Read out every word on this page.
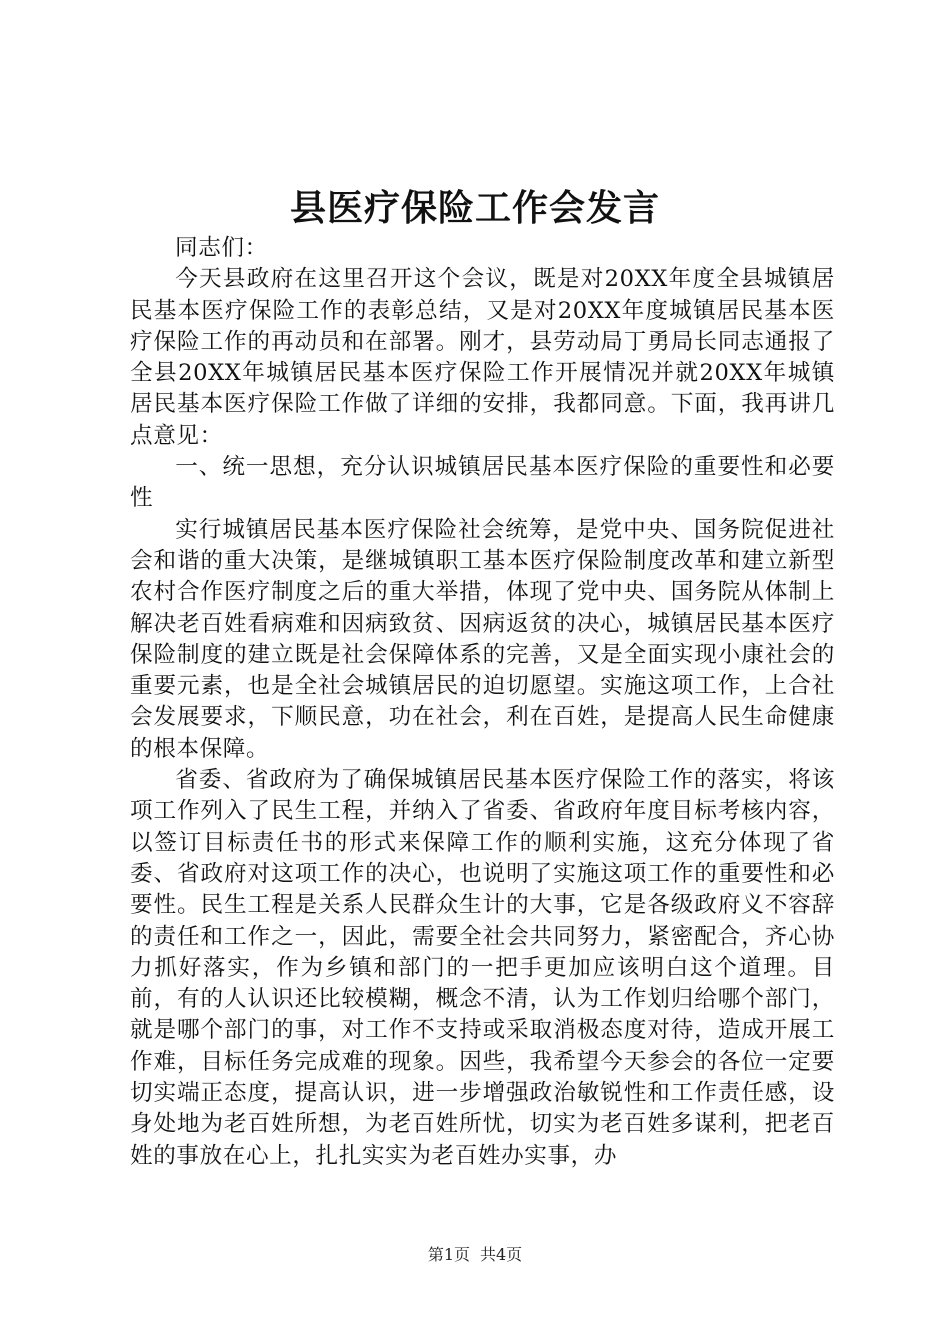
县医疗保险工作会发言

同志们：

今天县政府在这里召开这个会议，既是对20XX年度全县城镇居民基本医疗保险工作的表彰总结，又是对20XX年度城镇居民基本医疗保险工作的再动员和在部署。刚才，县劳动局丁勇局长同志通报了全县20XX年城镇居民基本医疗保险工作开展情况并就20XX年城镇居民基本医疗保险工作做了详细的安排，我都同意。下面，我再讲几点意见：

一、统一思想，充分认识城镇居民基本医疗保险的重要性和必要性

实行城镇居民基本医疗保险社会统筹，是党中央、国务院促进社会和谐的重大决策，是继城镇职工基本医疗保险制度改革和建立新型农村合作医疗制度之后的重大举措，体现了党中央、国务院从体制上解决老百姓看病难和因病致贫、因病返贫的决心，城镇居民基本医疗保险制度的建立既是社会保障体系的完善，又是全面实现小康社会的重要元素，也是全社会城镇居民的迫切愿望。实施这项工作，上合社会发展要求，下顺民意，功在社会，利在百姓，是提高人民生命健康的根本保障。

省委、省政府为了确保城镇居民基本医疗保险工作的落实，将该项工作列入了民生工程，并纳入了省委、省政府年度目标考核内容，以签订目标责任书的形式来保障工作的顺利实施，这充分体现了省委、省政府对这项工作的决心，也说明了实施这项工作的重要性和必要性。民生工程是关系人民群众生计的大事，它是各级政府义不容辞的责任和工作之一，因此，需要全社会共同努力，紧密配合，齐心协力抓好落实，作为乡镇和部门的一把手更加应该明白这个道理。目前，有的人认识还比较模糊，概念不清，认为工作划归给哪个部门，就是哪个部门的事，对工作不支持或采取消极态度对待，造成开展工作难，目标任务完成难的现象。因些，我希望今天参会的各位一定要切实端正态度，提高认识，进一步增强政治敏锐性和工作责任感，设身处地为老百姓所想，为老百姓所忧，切实为老百姓多谋利，把老百姓的事放在心上，扎扎实实为老百姓办实事，办

第1页 共4页
